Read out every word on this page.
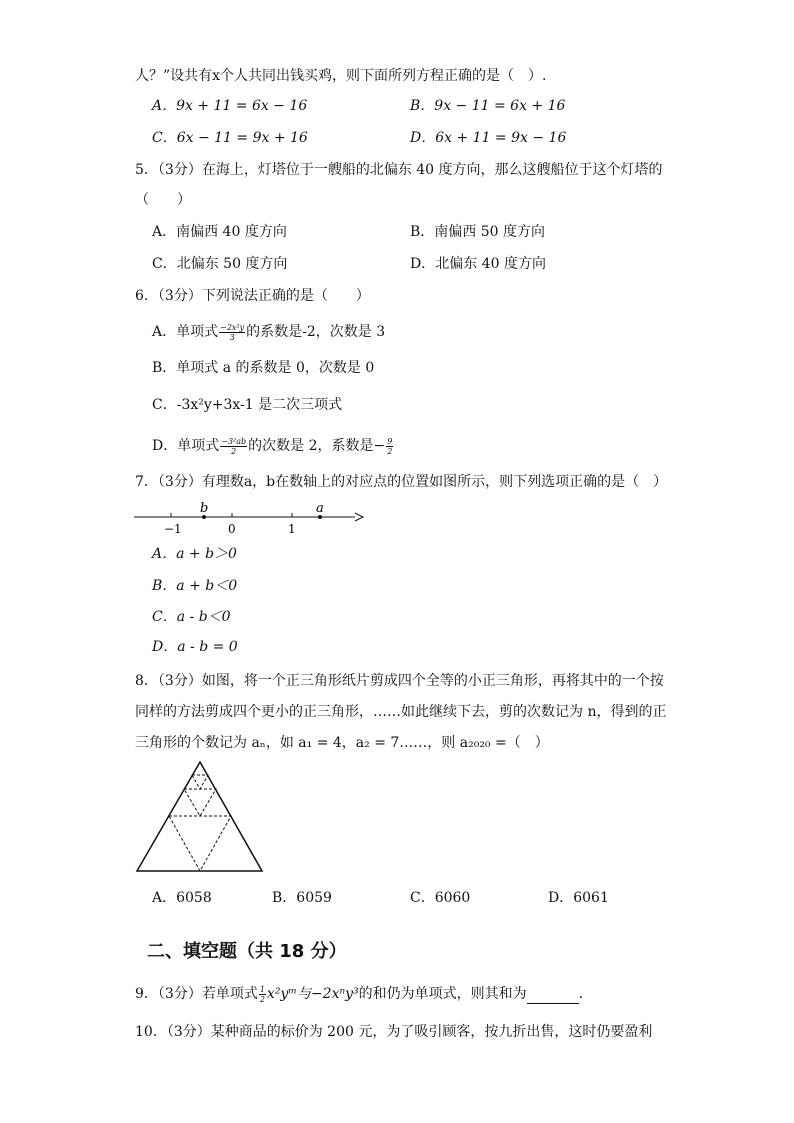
人？”设共有x个人共同出钱买鸡，则下面所列方程正确的是（　）.
A．9x + 11 = 6x − 16	B．9x − 11 = 6x + 16
C．6x − 11 = 9x + 16	D．6x + 11 = 9x − 16
5．（3分）在海上，灯塔位于一艘船的北偏东 40 度方向，那么这艘船位于这个灯塔的
（　　）
A．南偏西 40 度方向	B．南偏西 50 度方向
C．北偏东 50 度方向	D．北偏东 40 度方向
6．（3分）下列说法正确的是（　　）
A．单项式 $\frac{\text{−2x²y}}{3}$ 的系数是-2，次数是 3
B．单项式 a 的系数是 0，次数是 0
C．-3x²y+3x-1 是二次三项式
D．单项式 $\frac{\text{−3²ab}}{2}$ 的次数是 2，系数是− $\frac{9}{2}$
7．（3分）有理数a，b在数轴上的对应点的位置如图所示，则下列选项正确的是（　）
−1	0	1
b	a
A．a + b＞0
B．a + b＜0
C．a - b＜0
D．a - b = 0
8．（3分）如图，将一个正三角形纸片剪成四个全等的小正三角形，再将其中的一个按
同样的方法剪成四个更小的正三角形，……如此继续下去，剪的次数记为 n，得到的正
三角形的个数记为 aₙ，如 a₁ = 4，a₂ = 7……，则 a₂₀₂₀ =（　）
A．6058	B．6059	C．6060	D．6061
二、填空题（共 18 分）
9．（3分）若单项式 $\frac{1}{2}$ x²yᵐ与−2xⁿy³的和仍为单项式，则其和为	.
10．（3分）某种商品的标价为 200 元，为了吸引顾客，按九折出售，这时仍要盈利
